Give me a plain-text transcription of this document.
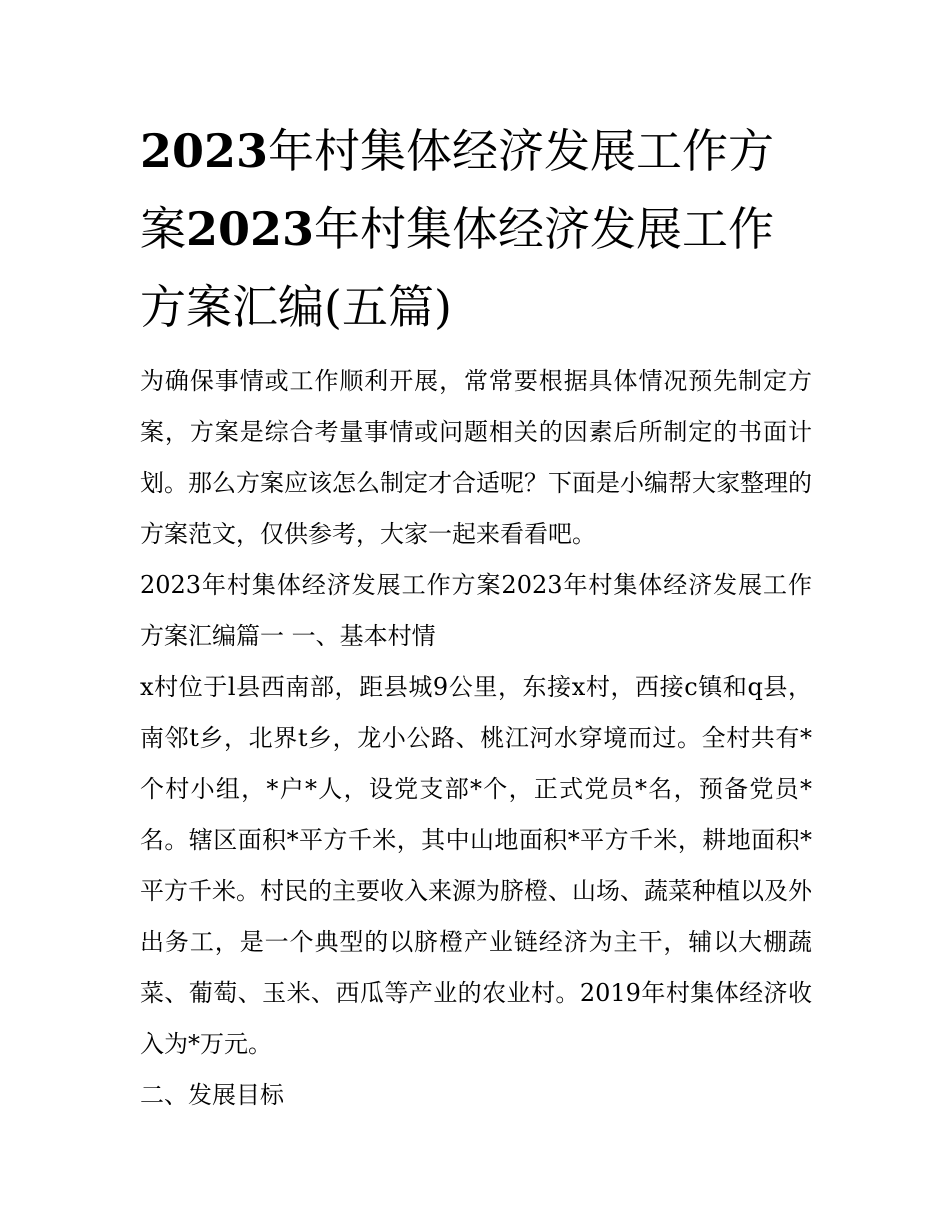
2023年村集体经济发展工作方案2023年村集体经济发展工作方案汇编(五篇)

为确保事情或工作顺利开展，常常要根据具体情况预先制定方案，方案是综合考量事情或问题相关的因素后所制定的书面计划。那么方案应该怎么制定才合适呢？下面是小编帮大家整理的方案范文，仅供参考，大家一起来看看吧。

2023年村集体经济发展工作方案2023年村集体经济发展工作方案汇编篇一 一、基本村情

x村位于l县西南部，距县城9公里，东接x村，西接c镇和q县，南邻t乡，北界t乡，龙小公路、桃江河水穿境而过。全村共有*个村小组，*户*人，设党支部*个，正式党员*名，预备党员*名。辖区面积*平方千米，其中山地面积*平方千米，耕地面积*平方千米。村民的主要收入来源为脐橙、山场、蔬菜种植以及外出务工，是一个典型的以脐橙产业链经济为主干，辅以大棚蔬菜、葡萄、玉米、西瓜等产业的农业村。2019年村集体经济收入为*万元。

二、发展目标
